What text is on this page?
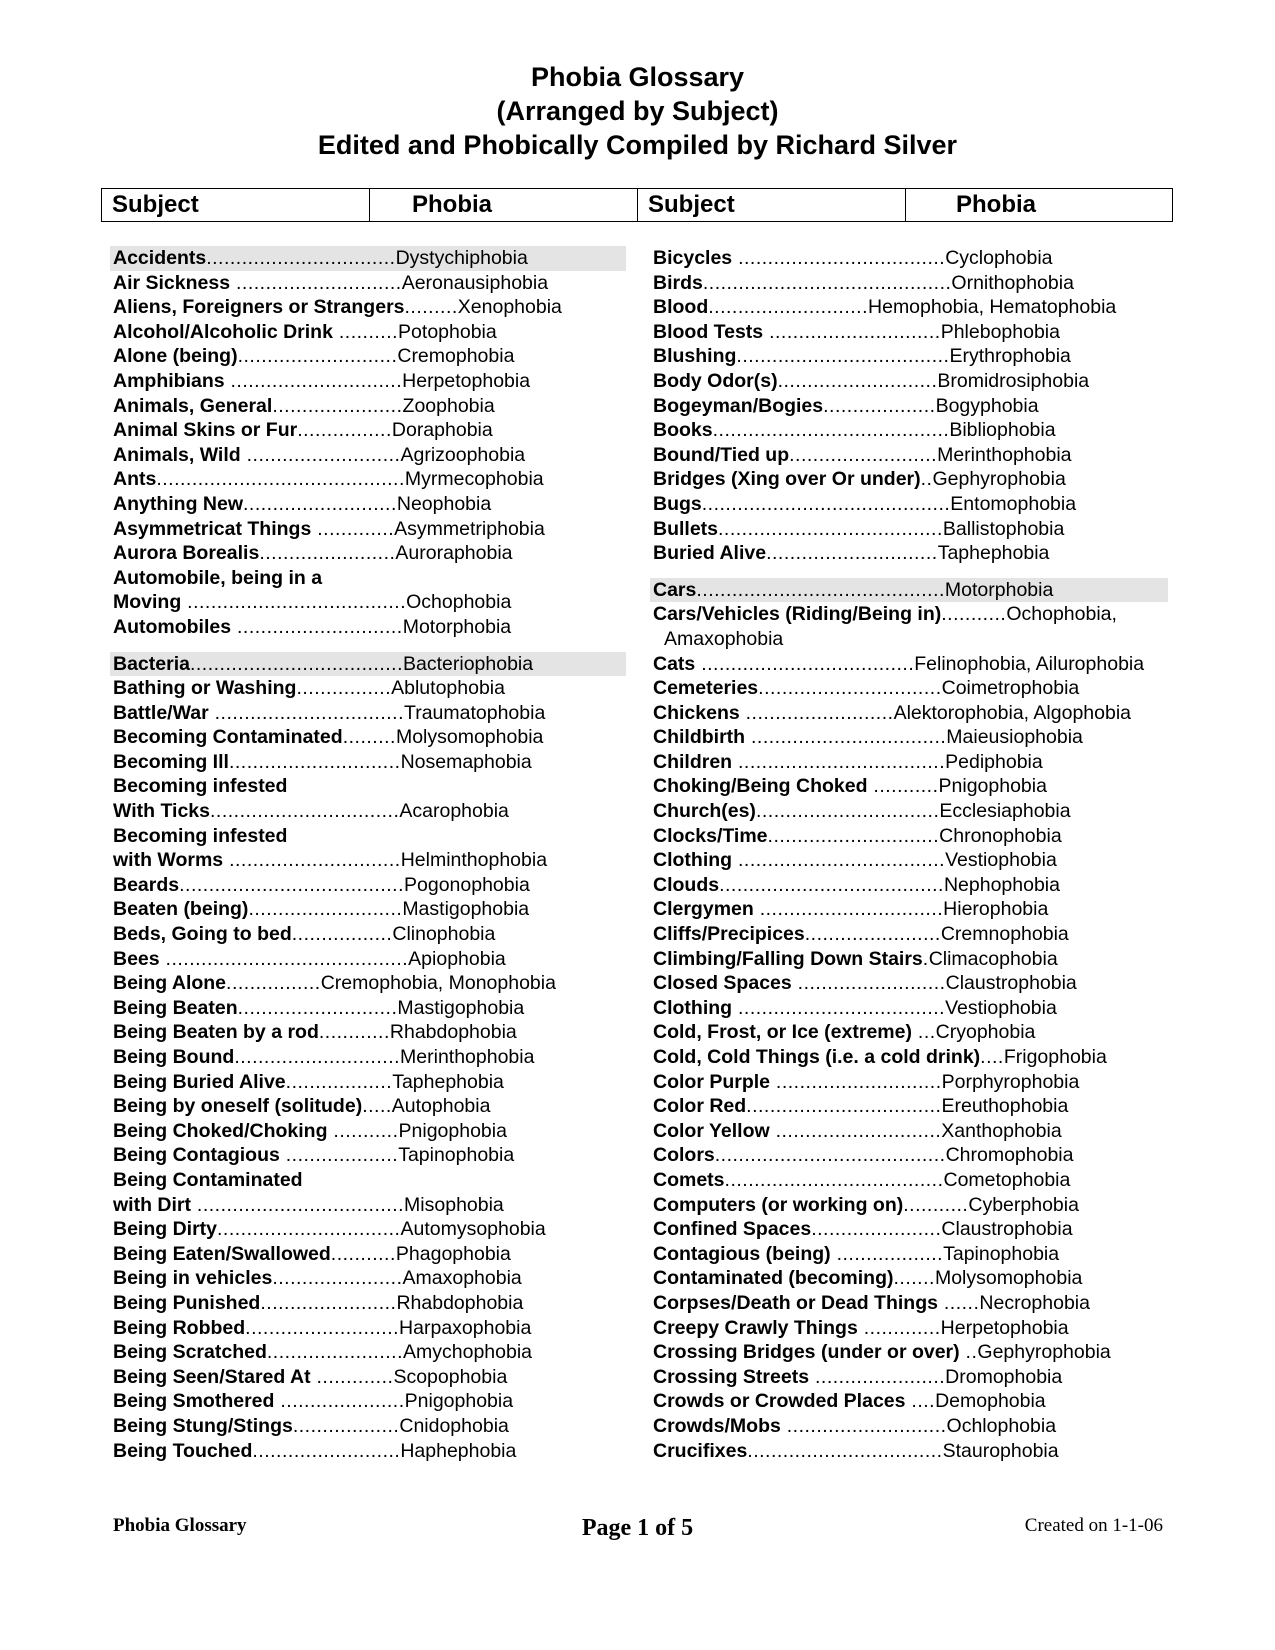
Phobia Glossary
(Arranged by Subject)
Edited and Phobically Compiled by Richard Silver
Subject	Phobia	Subject	Phobia
Accidents................................Dystychiphobia
Air Sickness ............................Aeronausiphobia
Aliens, Foreigners or Strangers.........Xenophobia
Alcohol/Alcoholic Drink ..........Potophobia
Alone (being)...........................Cremophobia
Amphibians .............................Herpetophobia
Animals, General......................Zoophobia
Animal Skins or Fur................Doraphobia
Animals, Wild ..........................Agrizoophobia
Ants..........................................Myrmecophobia
Anything New..........................Neophobia
Asymmetricat Things .............Asymmetriphobia
Aurora Borealis.......................Auroraphobia
Automobile, being in a
Moving .....................................Ochophobia
Automobiles ............................Motorphobia
Bacteria....................................Bacteriophobia
Bathing or Washing................Ablutophobia
Battle/War ................................Traumatophobia
Becoming Contaminated.........Molysomophobia
Becoming Ill.............................Nosemaphobia
Becoming infested
With Ticks................................Acarophobia
Becoming infested
with Worms .............................Helminthophobia
Beards......................................Pogonophobia
Beaten (being)..........................Mastigophobia
Beds, Going to bed.................Clinophobia
Bees .........................................Apiophobia
Being Alone................Cremophobia, Monophobia
Being Beaten...........................Mastigophobia
Being Beaten by a rod............Rhabdophobia
Being Bound............................Merinthophobia
Being Buried Alive..................Taphephobia
Being by oneself (solitude).....Autophobia
Being Choked/Choking ...........Pnigophobia
Being Contagious ...................Tapinophobia
Being Contaminated
with Dirt ...................................Misophobia
Being Dirty...............................Automysophobia
Being Eaten/Swallowed...........Phagophobia
Being in vehicles......................Amaxophobia
Being Punished.......................Rhabdophobia
Being Robbed..........................Harpaxophobia
Being Scratched.......................Amychophobia
Being Seen/Stared At .............Scopophobia
Being Smothered .....................Pnigophobia
Being Stung/Stings..................Cnidophobia
Being Touched.........................Haphephobia
Bicycles ...................................Cyclophobia
Birds..........................................Ornithophobia
Blood...........................Hemophobia, Hematophobia
Blood Tests .............................Phlebophobia
Blushing....................................Erythrophobia
Body Odor(s)...........................Bromidrosiphobia
Bogeyman/Bogies...................Bogyphobia
Books........................................Bibliophobia
Bound/Tied up.........................Merinthophobia
Bridges (Xing over Or under)..Gephyrophobia
Bugs..........................................Entomophobia
Bullets......................................Ballistophobia
Buried Alive.............................Taphephobia
Cars..........................................Motorphobia
Cars/Vehicles (Riding/Being in)...........Ochophobia,
Amaxophobia
Cats ....................................Felinophobia, Ailurophobia
Cemeteries...............................Coimetrophobia
Chickens .........................Alektorophobia, Algophobia
Childbirth .................................Maieusiophobia
Children ...................................Pediphobia
Choking/Being Choked ...........Pnigophobia
Church(es)...............................Ecclesiaphobia
Clocks/Time.............................Chronophobia
Clothing ...................................Vestiophobia
Clouds......................................Nephophobia
Clergymen ...............................Hierophobia
Cliffs/Precipices.......................Cremnophobia
Climbing/Falling Down Stairs.Climacophobia
Closed Spaces .........................Claustrophobia
Clothing ...................................Vestiophobia
Cold, Frost, or Ice (extreme) ...Cryophobia
Cold, Cold Things (i.e. a cold drink)....Frigophobia
Color Purple ............................Porphyrophobia
Color Red.................................Ereuthophobia
Color Yellow ............................Xanthophobia
Colors.......................................Chromophobia
Comets.....................................Cometophobia
Computers (or working on)...........Cyberphobia
Confined Spaces......................Claustrophobia
Contagious (being) ..................Tapinophobia
Contaminated (becoming).......Molysomophobia
Corpses/Death or Dead Things ......Necrophobia
Creepy Crawly Things .............Herpetophobia
Crossing Bridges (under or over) ..Gephyrophobia
Crossing Streets ......................Dromophobia
Crowds or Crowded Places ....Demophobia
Crowds/Mobs ...........................Ochlophobia
Crucifixes.................................Staurophobia
Phobia Glossary	Page 1 of 5	Created on 1-1-06
